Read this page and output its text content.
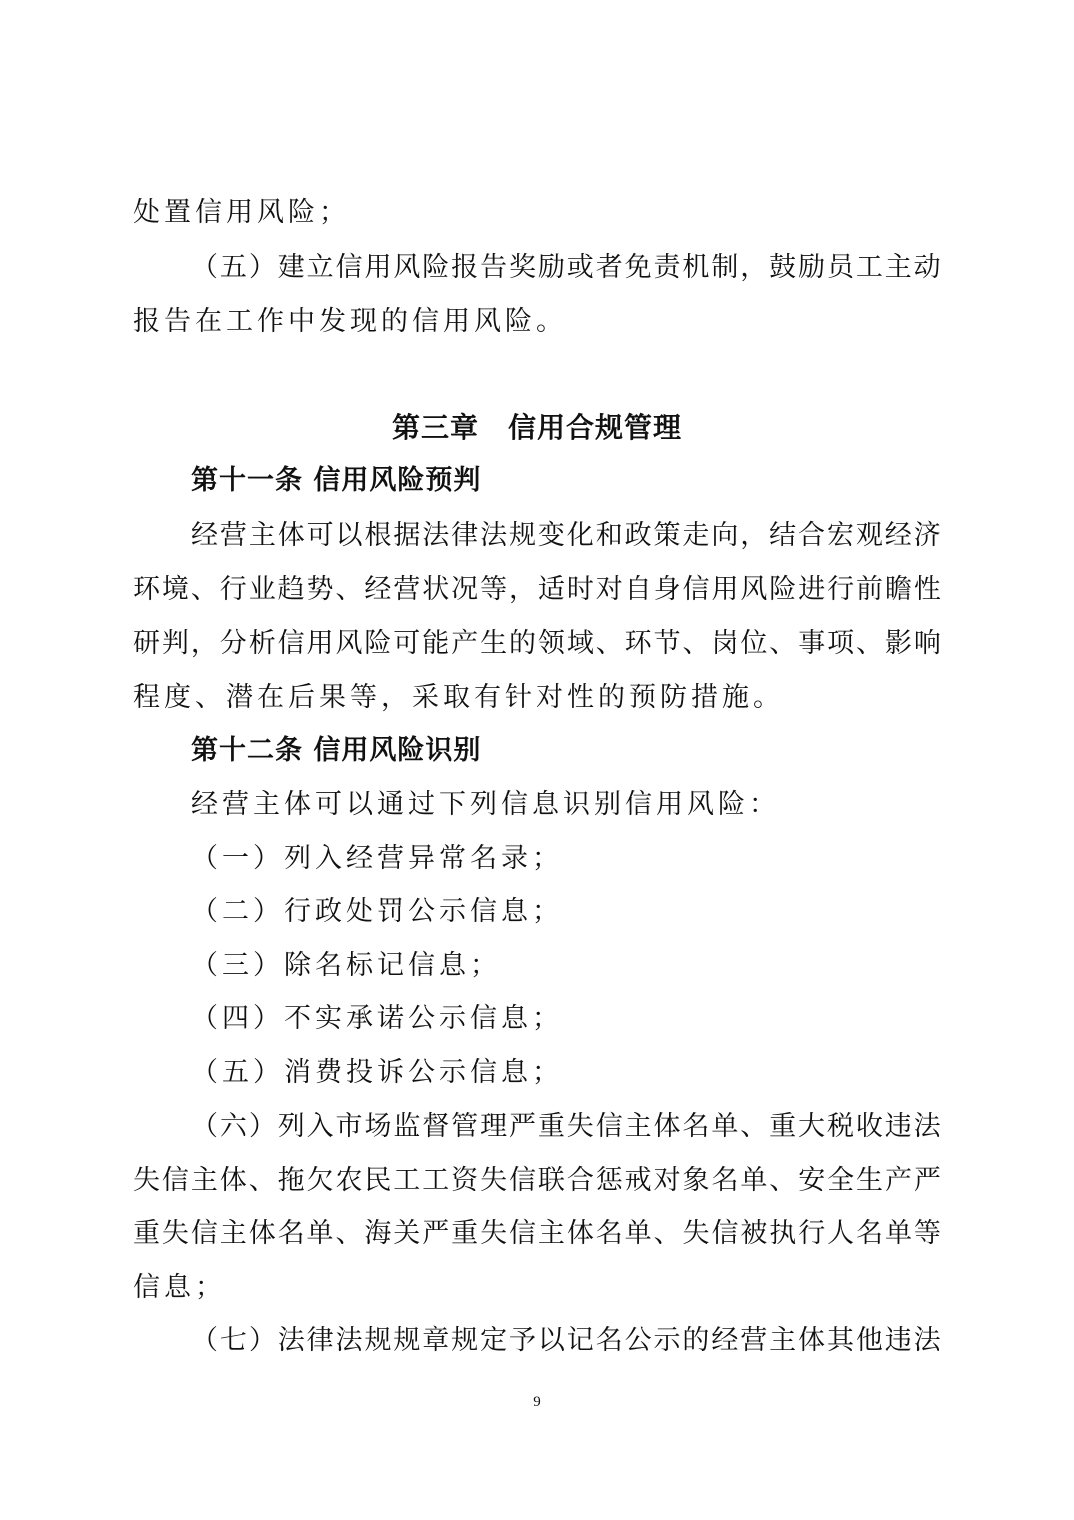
处置信用风险；
（ 五 ） 建 立 信 用 风 险 报 告 奖 励 或 者 免 责 机 制 ， 鼓 励 员 工 主 动
报告在工作中发现的信用风险。
第三章　信用合规管理
第十一条 信用风险预判
经 营 主 体 可 以 根 据 法 律 法 规 变 化 和 政 策 走 向 ， 结 合 宏 观 经 济
环 境 、 行 业 趋 势 、 经 营 状 况 等 ， 适 时 对 自 身 信 用 风 险 进 行 前 瞻 性
研 判 ， 分 析 信 用 风 险 可 能 产 生 的 领 域 、 环 节 、 岗 位 、 事 项 、 影 响
程度、潜在后果等，采取有针对性的预防措施。
第十二条 信用风险识别
经营主体可以通过下列信息识别信用风险：
（一）列入经营异常名录；
（二）行政处罚公示信息；
（三）除名标记信息；
（四）不实承诺公示信息；
（五）消费投诉公示信息；
（ 六 ） 列 入 市 场 监 督 管 理 严 重 失 信 主 体 名 单 、 重 大 税 收 违 法
失 信 主 体 、 拖 欠 农 民 工 工 资 失 信 联 合 惩 戒 对 象 名 单 、 安 全 生 产 严
重 失 信 主 体 名 单 、 海 关 严 重 失 信 主 体 名 单 、 失 信 被 执 行 人 名 单 等
信息；
（ 七 ） 法 律 法 规 规 章 规 定 予 以 记 名 公 示 的 经 营 主 体 其 他 违 法
9
